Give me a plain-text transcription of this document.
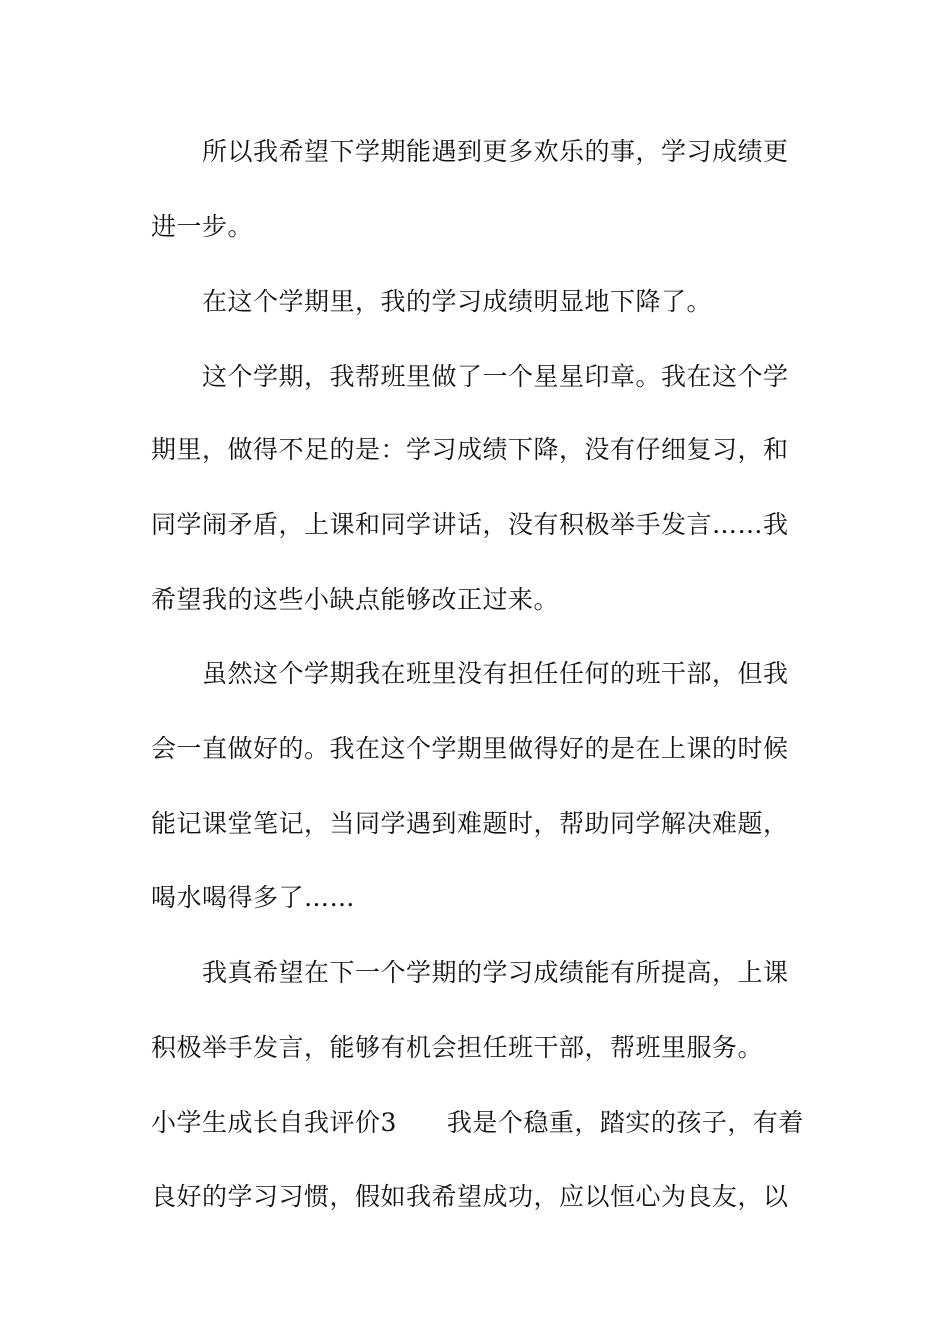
所以我希望下学期能遇到更多欢乐的事，学习成绩更
进一步。
在这个学期里，我的学习成绩明显地下降了。
这个学期，我帮班里做了一个星星印章。我在这个学
期里，做得不足的是：学习成绩下降，没有仔细复习，和
同学闹矛盾，上课和同学讲话，没有积极举手发言……我
希望我的这些小缺点能够改正过来。
虽然这个学期我在班里没有担任任何的班干部，但我
会一直做好的。我在这个学期里做得好的是在上课的时候
能记课堂笔记，当同学遇到难题时，帮助同学解决难题，
喝水喝得多了……
我真希望在下一个学期的学习成绩能有所提高，上课
积极举手发言，能够有机会担任班干部，帮班里服务。
小学生成长自我评价3 我是个稳重，踏实的孩子，有着
良好的学习习惯，假如我希望成功，应以恒心为良友，以
